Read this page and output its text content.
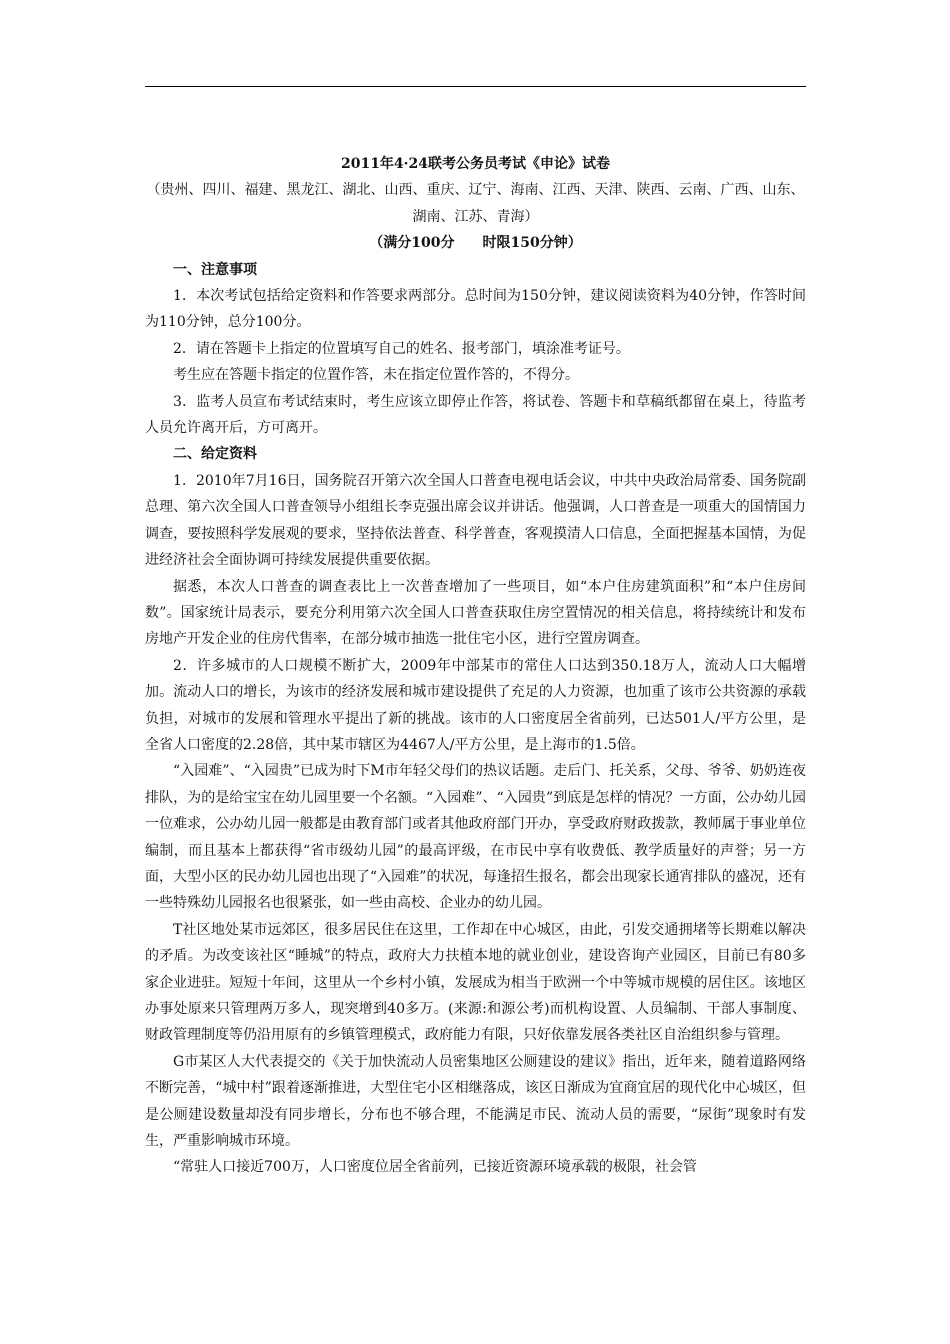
2011年4·24联考公务员考试《申论》试卷

（贵州、四川、福建、黑龙江、湖北、山西、重庆、辽宁、海南、江西、天津、陕西、云南、广西、山东、湖南、江苏、青海）

（满分100分　　时限150分钟）

一、注意事项

1．本次考试包括给定资料和作答要求两部分。总时间为150分钟，建议阅读资料为40分钟，作答时间为110分钟，总分100分。

2．请在答题卡上指定的位置填写自己的姓名、报考部门，填涂准考证号。

考生应在答题卡指定的位置作答，未在指定位置作答的，不得分。

3．监考人员宣布考试结束时，考生应该立即停止作答，将试卷、答题卡和草稿纸都留在桌上，待监考人员允许离开后，方可离开。

二、给定资料

1．2010年7月16日，国务院召开第六次全国人口普查电视电话会议，中共中央政治局常委、国务院副总理、第六次全国人口普查领导小组组长李克强出席会议并讲话。他强调，人口普查是一项重大的国情国力调查，要按照科学发展观的要求，坚持依法普查、科学普查，客观摸清人口信息，全面把握基本国情，为促进经济社会全面协调可持续发展提供重要依据。

据悉，本次人口普查的调查表比上一次普查增加了一些项目，如“本户住房建筑面积”和“本户住房间数”。国家统计局表示，要充分利用第六次全国人口普查获取住房空置情况的相关信息，将持续统计和发布房地产开发企业的住房代售率，在部分城市抽选一批住宅小区，进行空置房调查。

2．许多城市的人口规模不断扩大，2009年中部某市的常住人口达到350.18万人，流动人口大幅增加。流动人口的增长，为该市的经济发展和城市建设提供了充足的人力资源，也加重了该市公共资源的承载负担，对城市的发展和管理水平提出了新的挑战。该市的人口密度居全省前列，已达501人/平方公里，是全省人口密度的2.28倍，其中某市辖区为4467人/平方公里，是上海市的1.5倍。

“入园难”、“入园贵”已成为时下M市年轻父母们的热议话题。走后门、托关系，父母、爷爷、奶奶连夜排队，为的是给宝宝在幼儿园里要一个名额。“入园难”、“入园贵”到底是怎样的情况？一方面，公办幼儿园一位难求，公办幼儿园一般都是由教育部门或者其他政府部门开办，享受政府财政拨款，教师属于事业单位编制，而且基本上都获得“省市级幼儿园”的最高评级，在市民中享有收费低、教学质量好的声誉；另一方面，大型小区的民办幼儿园也出现了“入园难”的状况，每逢招生报名，都会出现家长通宵排队的盛况，还有一些特殊幼儿园报名也很紧张，如一些由高校、企业办的幼儿园。

T社区地处某市远郊区，很多居民住在这里，工作却在中心城区，由此，引发交通拥堵等长期难以解决的矛盾。为改变该社区“睡城”的特点，政府大力扶植本地的就业创业，建设咨询产业园区，目前已有80多家企业进驻。短短十年间，这里从一个乡村小镇，发展成为相当于欧洲一个中等城市规模的居住区。该地区办事处原来只管理两万多人，现突增到40多万。(来源:和源公考)而机构设置、人员编制、干部人事制度、财政管理制度等仍沿用原有的乡镇管理模式，政府能力有限，只好依靠发展各类社区自治组织参与管理。

G市某区人大代表提交的《关于加快流动人员密集地区公厕建设的建议》指出，近年来，随着道路网络不断完善，“城中村”跟着逐渐推进，大型住宅小区相继落成，该区日渐成为宜商宜居的现代化中心城区，但是公厕建设数量却没有同步增长，分布也不够合理，不能满足市民、流动人员的需要，“尿街”现象时有发生，严重影响城市环境。

“常驻人口接近700万，人口密度位居全省前列，已接近资源环境承载的极限，社会管
